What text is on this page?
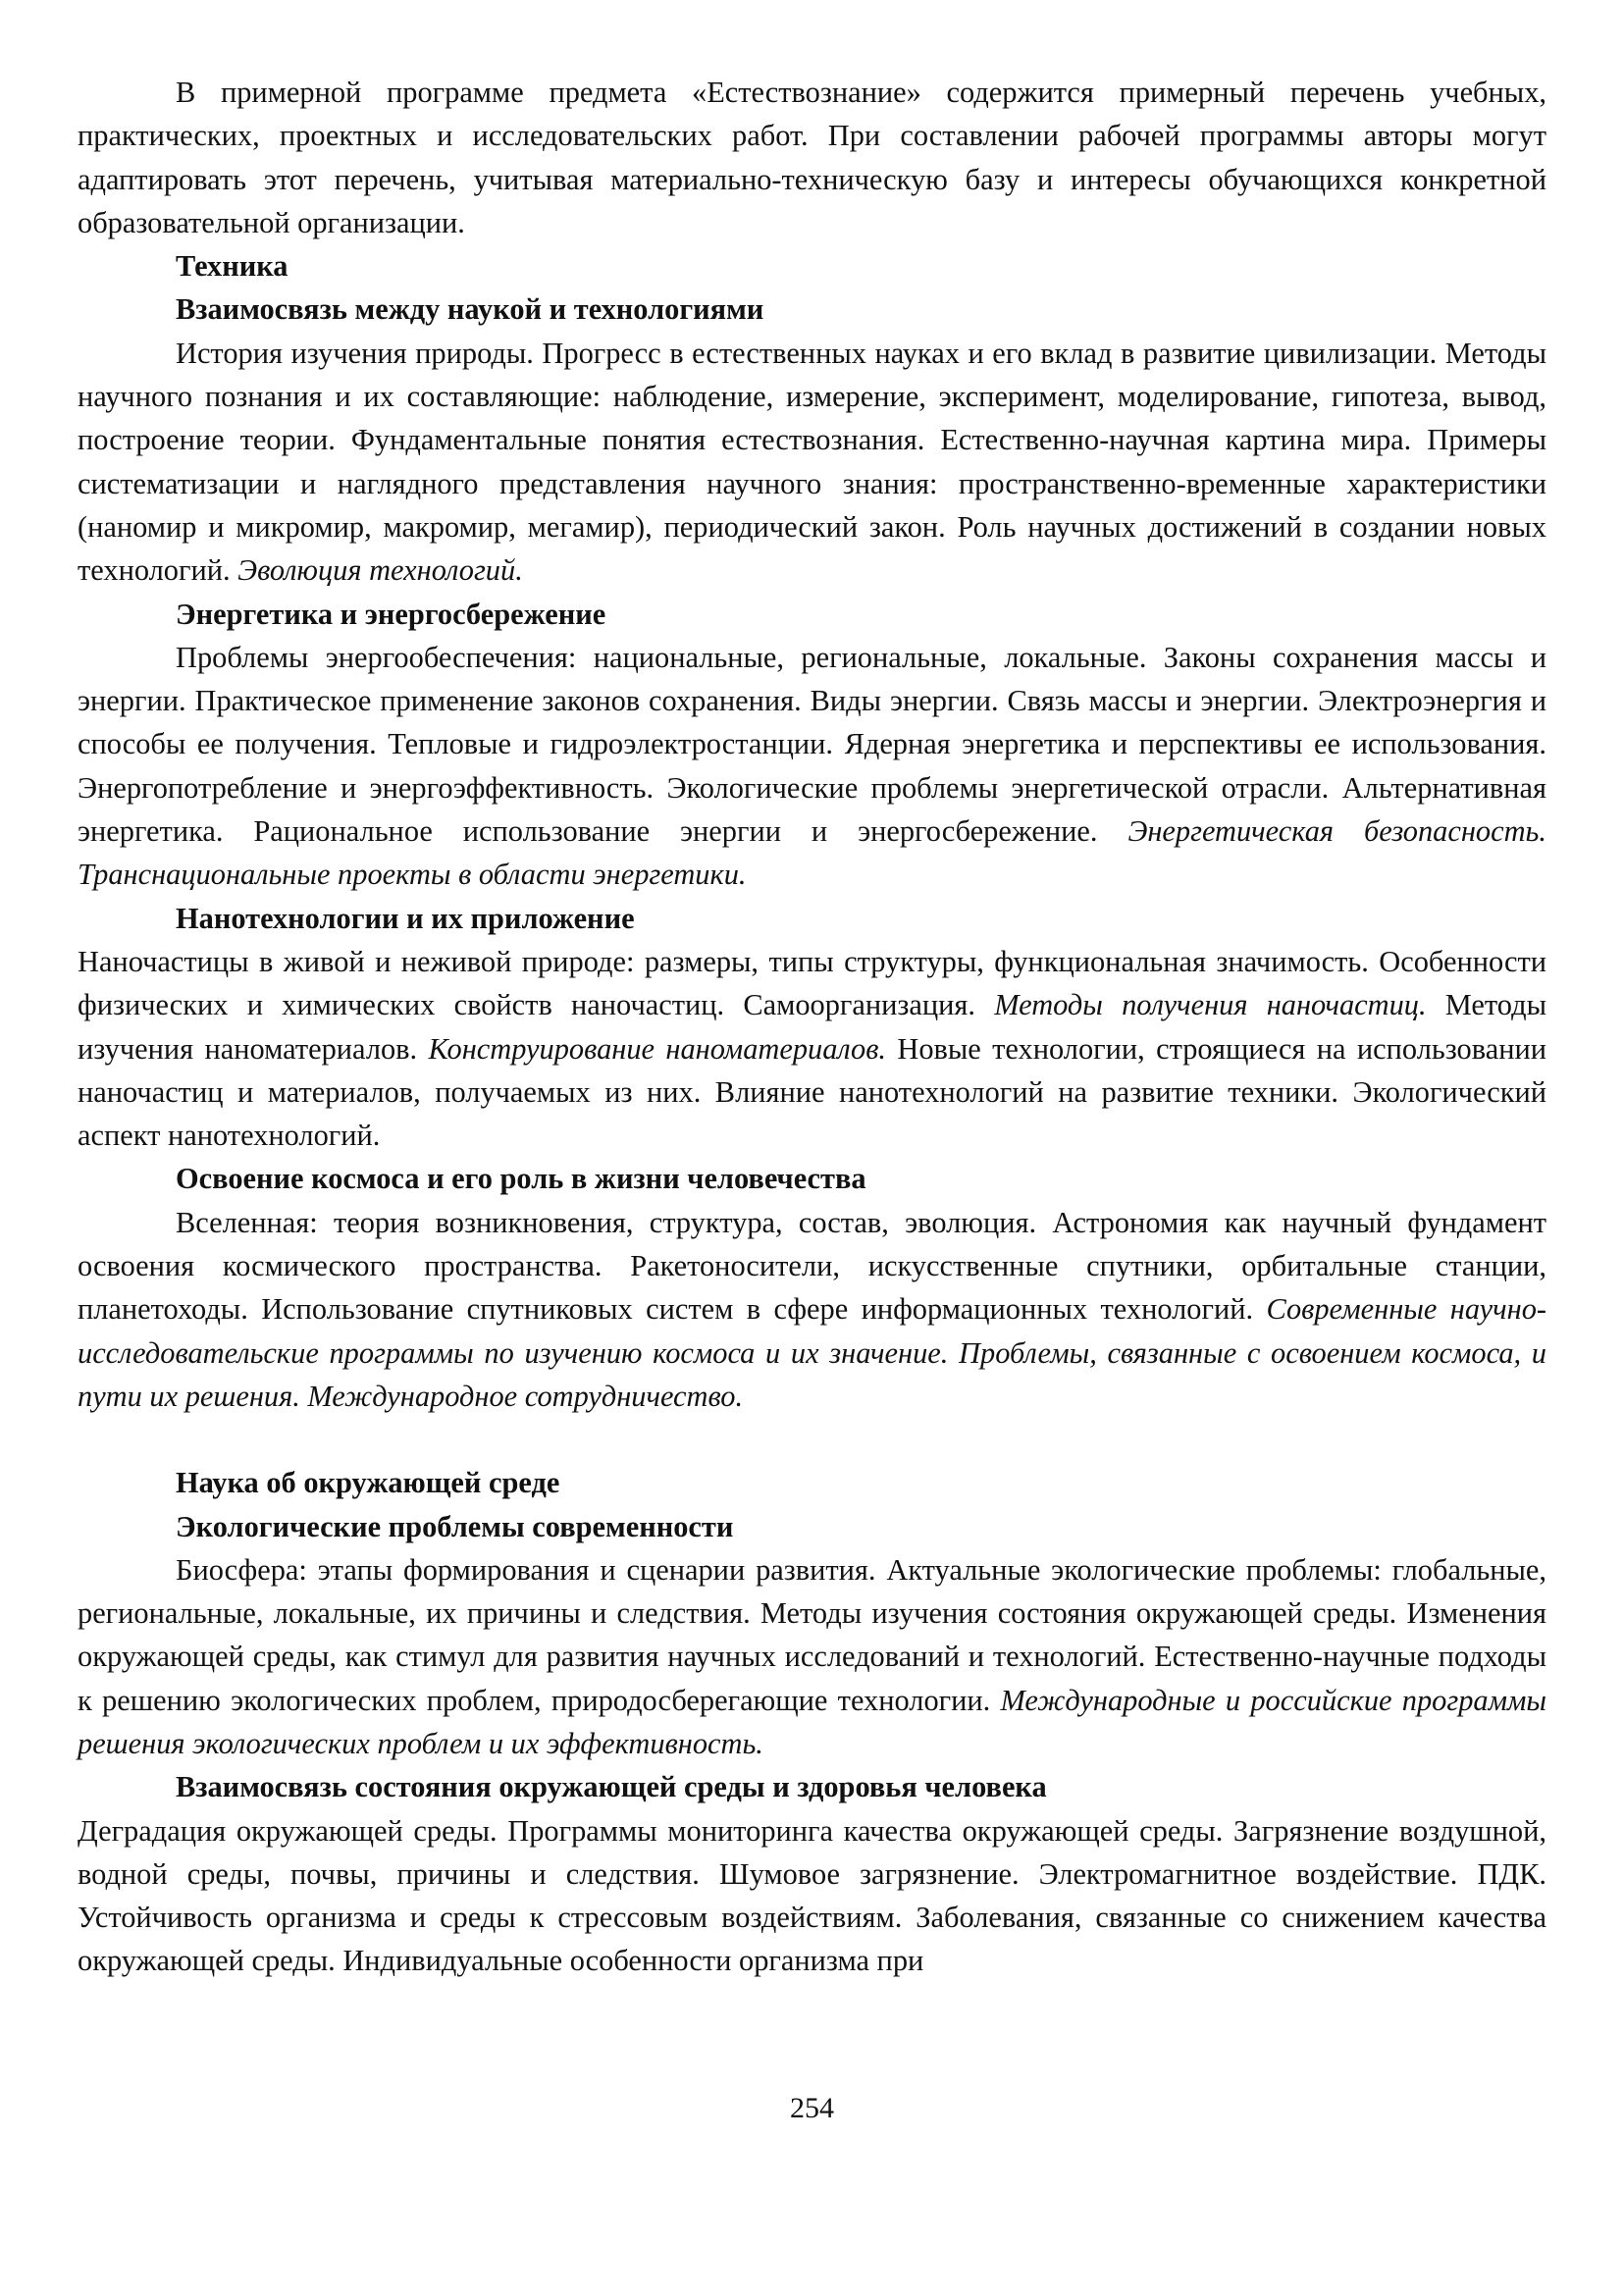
В примерной программе предмета «Естествознание» содержится примерный перечень учебных, практических, проектных и исследовательских работ. При составлении рабочей программы авторы могут адаптировать этот перечень, учитывая материально-техническую базу и интересы обучающихся конкретной образовательной организации.

Техника
Взаимосвязь между наукой и технологиями

История изучения природы. Прогресс в естественных науках и его вклад в развитие цивилизации. Методы научного познания и их составляющие: наблюдение, измерение, эксперимент, моделирование, гипотеза, вывод, построение теории. Фундаментальные понятия естествознания. Естественно-научная картина мира. Примеры систематизации и наглядного представления научного знания: пространственно-временные характеристики (наномир и микромир, макромир, мегамир), периодический закон. Роль научных достижений в создании новых технологий. Эволюция технологий.

Энергетика и энергосбережение

Проблемы энергообеспечения: национальные, региональные, локальные. Законы сохранения массы и энергии. Практическое применение законов сохранения. Виды энергии. Связь массы и энергии. Электроэнергия и способы ее получения. Тепловые и гидроэлектростанции. Ядерная энергетика и перспективы ее использования. Энергопотребление и энергоэффективность. Экологические проблемы энергетической отрасли. Альтернативная энергетика. Рациональное использование энергии и энергосбережение. Энергетическая безопасность. Транснациональные проекты в области энергетики.

Нанотехнологии и их приложение

Наночастицы в живой и неживой природе: размеры, типы структуры, функциональная значимость. Особенности физических и химических свойств наночастиц. Самоорганизация. Методы получения наночастиц. Методы изучения наноматериалов. Конструирование наноматериалов. Новые технологии, строящиеся на использовании наночастиц и материалов, получаемых из них. Влияние нанотехнологий на развитие техники. Экологический аспект нанотехнологий.

Освоение космоса и его роль в жизни человечества

Вселенная: теория возникновения, структура, состав, эволюция. Астрономия как научный фундамент освоения космического пространства. Ракетоносители, искусственные спутники, орбитальные станции, планетоходы. Использование спутниковых систем в сфере информационных технологий. Современные научно-исследовательские программы по изучению космоса и их значение. Проблемы, связанные с освоением космоса, и пути их решения. Международное сотрудничество.

Наука об окружающей среде
Экологические проблемы современности

Биосфера: этапы формирования и сценарии развития. Актуальные экологические проблемы: глобальные, региональные, локальные, их причины и следствия. Методы изучения состояния окружающей среды. Изменения окружающей среды, как стимул для развития научных исследований и технологий. Естественно-научные подходы к решению экологических проблем, природосберегающие технологии. Международные и российские программы решения экологических проблем и их эффективность.

Взаимосвязь состояния окружающей среды и здоровья человека

Деградация окружающей среды. Программы мониторинга качества окружающей среды. Загрязнение воздушной, водной среды, почвы, причины и следствия. Шумовое загрязнение. Электромагнитное воздействие. ПДК. Устойчивость организма и среды к стрессовым воздействиям. Заболевания, связанные со снижением качества окружающей среды. Индивидуальные особенности организма при

254
